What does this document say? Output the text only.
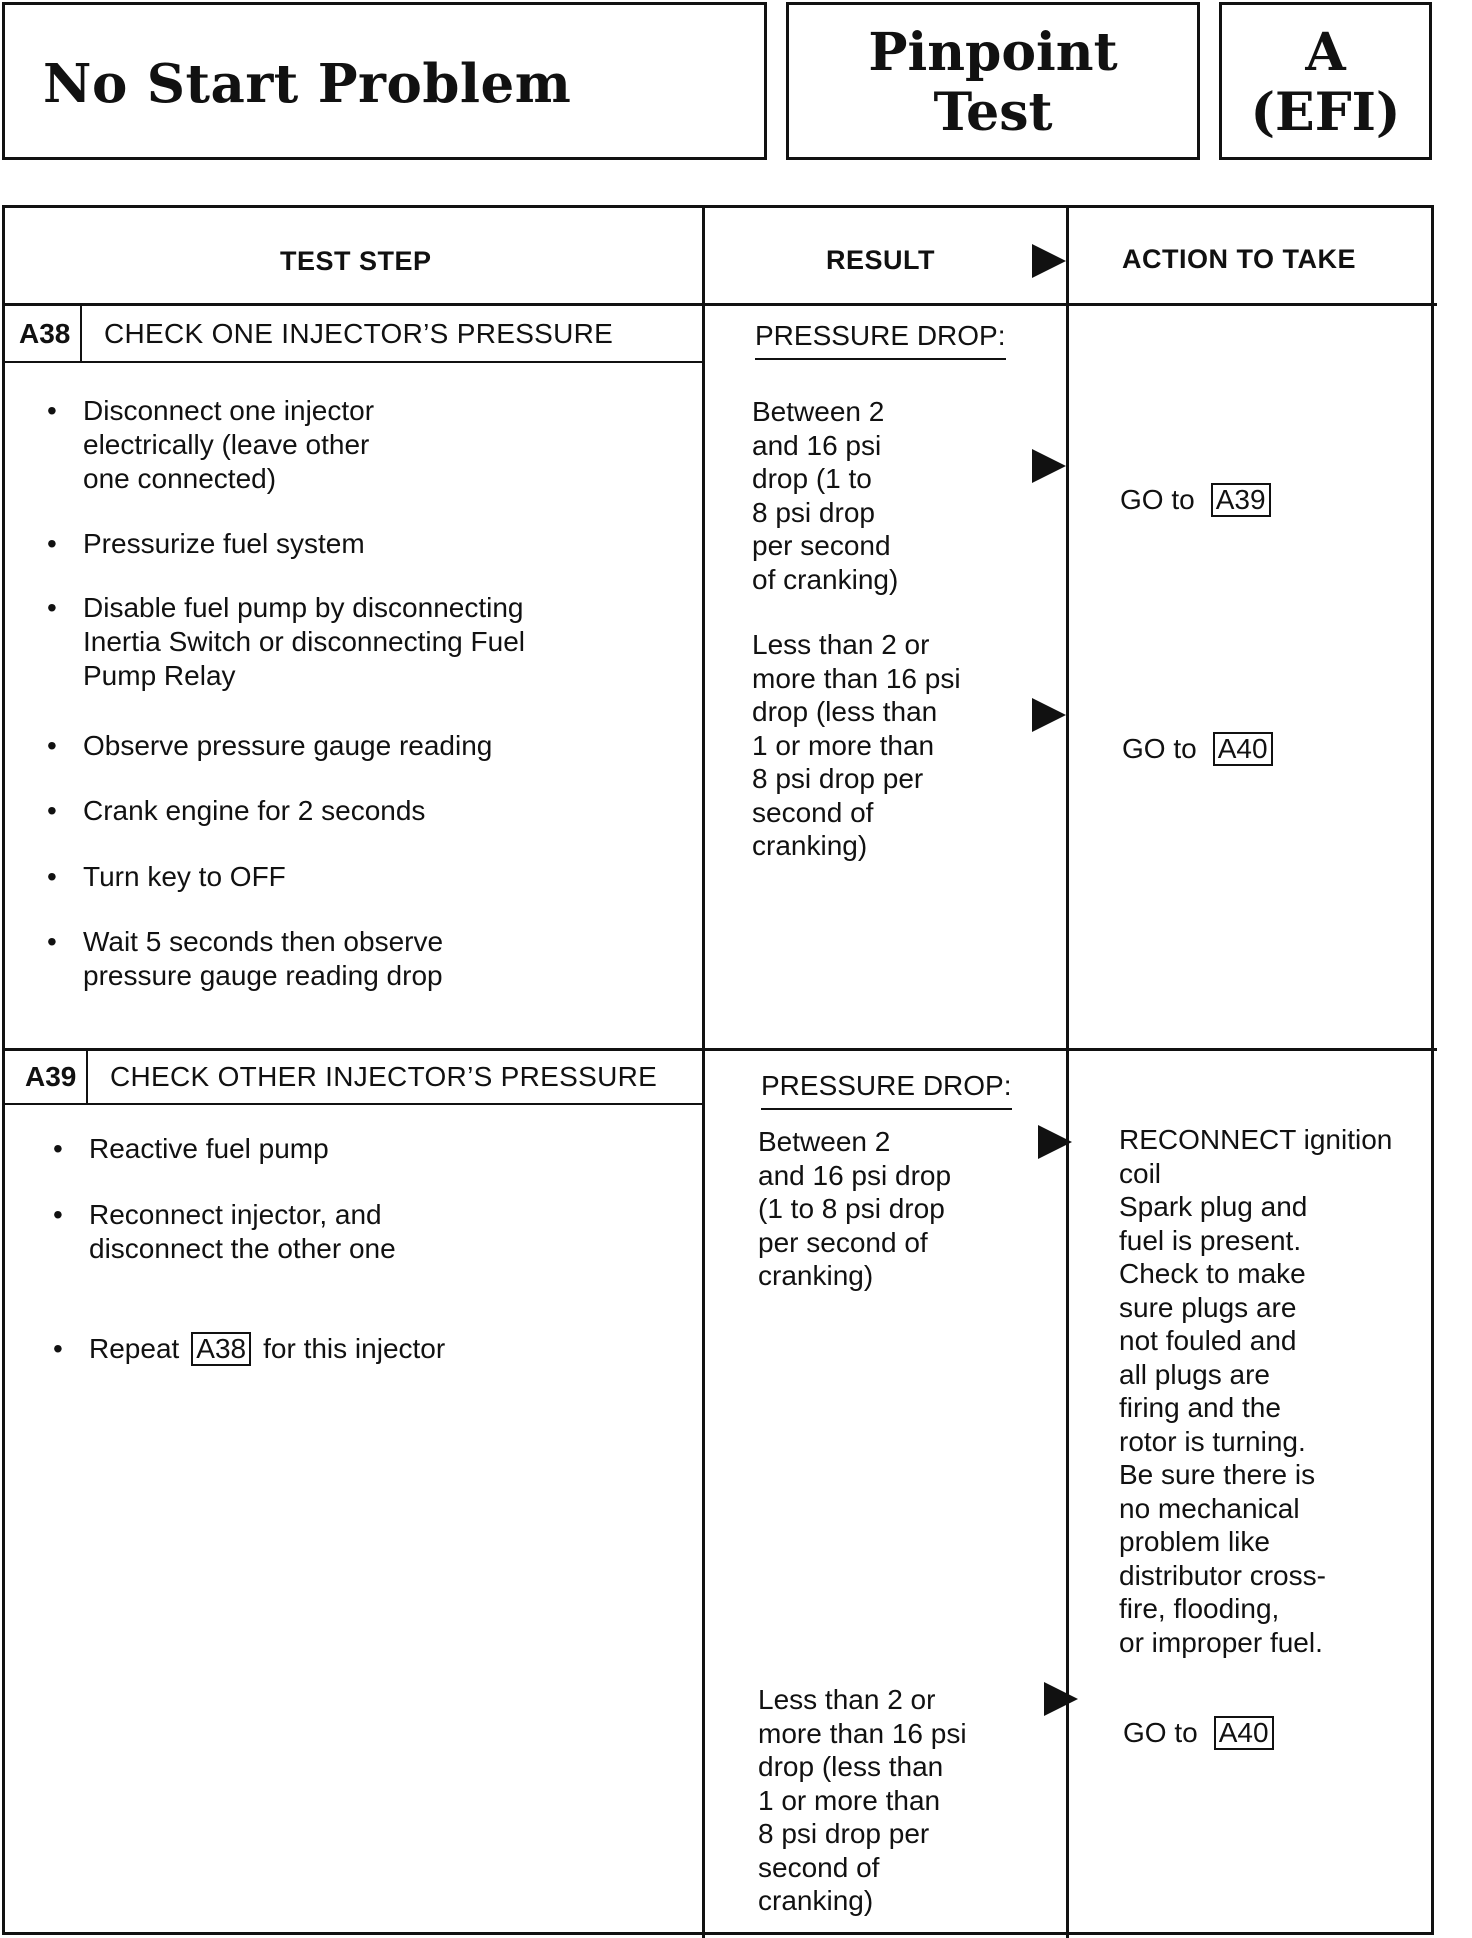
No Start Problem
Pinpoint
Test
A
(EFI)
TEST STEP	RESULT	ACTION TO TAKE
A38 CHECK ONE INJECTOR’S PRESSURE
• Disconnect one injector
electrically (leave other
one connected)
• Pressurize fuel system
• Disable fuel pump by disconnecting
Inertia Switch or disconnecting Fuel
Pump Relay
• Observe pressure gauge reading
• Crank engine for 2 seconds
• Turn key to OFF
• Wait 5 seconds then observe
pressure gauge reading drop
PRESSURE DROP:
Between 2
and 16 psi
drop (1 to
8 psi drop
per second
of cranking)

GO to A39

Less than 2 or
more than 16 psi
drop (less than
1 or more than
8 psi drop per
second of
cranking)

GO to A40

A39 CHECK OTHER INJECTOR’S PRESSURE
• Reactive fuel pump
• Reconnect injector, and
disconnect the other one
• Repeat A38 for this injector
PRESSURE DROP:
Between 2
and 16 psi drop
(1 to 8 psi drop
per second of
cranking)
RECONNECT ignition
coil
Spark plug and
fuel is present.
Check to make
sure plugs are
not fouled and
all plugs are
firing and the
rotor is turning.
Be sure there is
no mechanical
problem like
distributor cross-
fire, flooding,
or improper fuel.
Less than 2 or
more than 16 psi
drop (less than
1 or more than
8 psi drop per
second of
cranking)

GO to A40
